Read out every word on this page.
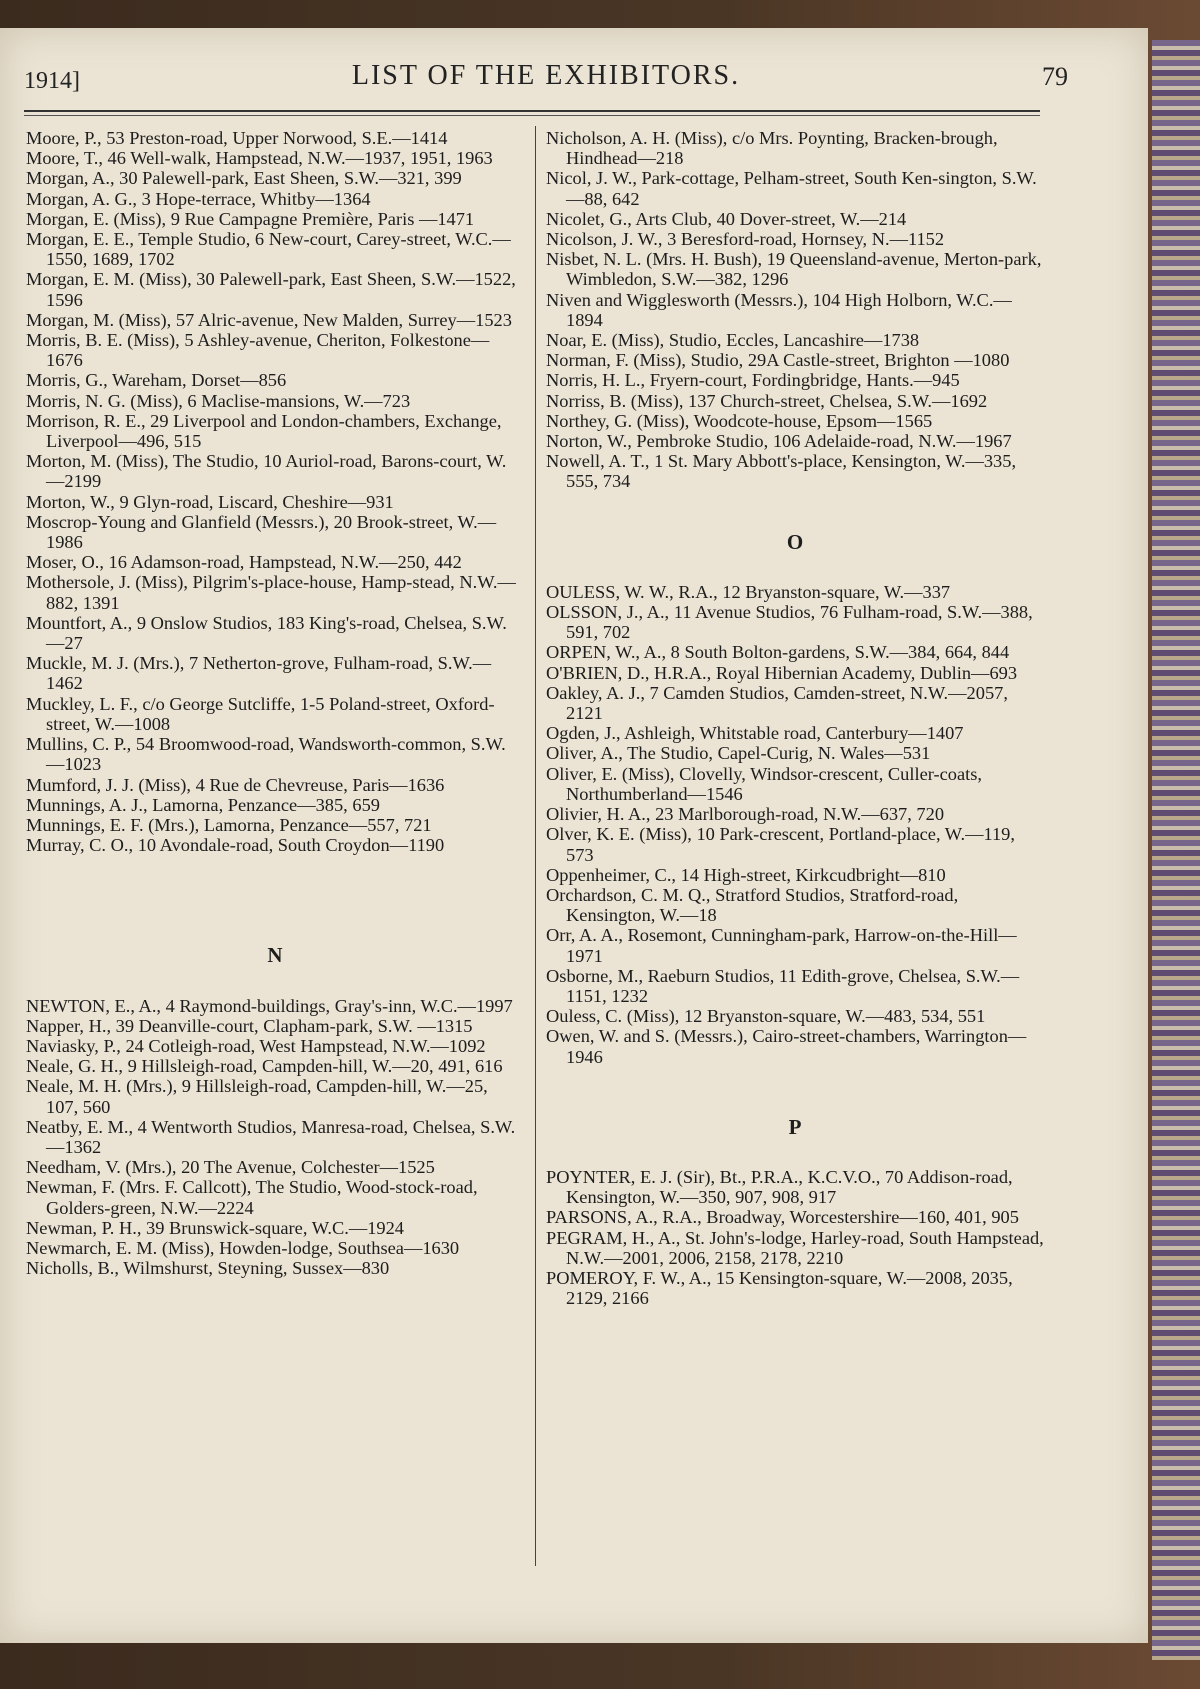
1914]	LIST OF THE EXHIBITORS.	79

Moore, P., 53 Preston-road, Upper Norwood, S.E.—1414

Moore, T., 46 Well-walk, Hampstead, N.W.—1937, 1951, 1963

Morgan, A., 30 Palewell-park, East Sheen, S.W.—321, 399

Morgan, A. G., 3 Hope-terrace, Whitby—1364

Morgan, E. (Miss), 9 Rue Campagne Première, Paris —1471

Morgan, E. E., Temple Studio, 6 New-court, Carey-street, W.C.—1550, 1689, 1702

Morgan, E. M. (Miss), 30 Palewell-park, East Sheen, S.W.—1522, 1596

Morgan, M. (Miss), 57 Alric-avenue, New Malden, Surrey—1523

Morris, B. E. (Miss), 5 Ashley-avenue, Cheriton, Folkestone—1676

Morris, G., Wareham, Dorset—856

Morris, N. G. (Miss), 6 Maclise-mansions, W.—723

Morrison, R. E., 29 Liverpool and London-chambers, Exchange, Liverpool—496, 515

Morton, M. (Miss), The Studio, 10 Auriol-road, Barons-court, W.—2199

Morton, W., 9 Glyn-road, Liscard, Cheshire—931

Moscrop-Young and Glanfield (Messrs.), 20 Brook-street, W.—1986

Moser, O., 16 Adamson-road, Hampstead, N.W.—250, 442

Mothersole, J. (Miss), Pilgrim's-place-house, Hamp-stead, N.W.—882, 1391

Mountfort, A., 9 Onslow Studios, 183 King's-road, Chelsea, S.W.—27

Muckle, M. J. (Mrs.), 7 Netherton-grove, Fulham-road, S.W.—1462

Muckley, L. F., c/o George Sutcliffe, 1-5 Poland-street, Oxford-street, W.—1008

Mullins, C. P., 54 Broomwood-road, Wandsworth-common, S.W.—1023

Mumford, J. J. (Miss), 4 Rue de Chevreuse, Paris—1636

Munnings, A. J., Lamorna, Penzance—385, 659

Munnings, E. F. (Mrs.), Lamorna, Penzance—557, 721

Murray, C. O., 10 Avondale-road, South Croydon—1190

N

NEWTON, E., A., 4 Raymond-buildings, Gray's-inn, W.C.—1997

Napper, H., 39 Deanville-court, Clapham-park, S.W. —1315

Naviasky, P., 24 Cotleigh-road, West Hampstead, N.W.—1092

Neale, G. H., 9 Hillsleigh-road, Campden-hill, W.—20, 491, 616

Neale, M. H. (Mrs.), 9 Hillsleigh-road, Campden-hill, W.—25, 107, 560

Neatby, E. M., 4 Wentworth Studios, Manresa-road, Chelsea, S.W.—1362

Needham, V. (Mrs.), 20 The Avenue, Colchester—1525

Newman, F. (Mrs. F. Callcott), The Studio, Wood-stock-road, Golders-green, N.W.—2224

Newman, P. H., 39 Brunswick-square, W.C.—1924

Newmarch, E. M. (Miss), Howden-lodge, Southsea—1630

Nicholls, B., Wilmshurst, Steyning, Sussex—830

Nicholson, A. H. (Miss), c/o Mrs. Poynting, Bracken-brough, Hindhead—218

Nicol, J. W., Park-cottage, Pelham-street, South Ken-sington, S.W.—88, 642

Nicolet, G., Arts Club, 40 Dover-street, W.—214

Nicolson, J. W., 3 Beresford-road, Hornsey, N.—1152

Nisbet, N. L. (Mrs. H. Bush), 19 Queensland-avenue, Merton-park, Wimbledon, S.W.—382, 1296

Niven and Wigglesworth (Messrs.), 104 High Holborn, W.C.—1894

Noar, E. (Miss), Studio, Eccles, Lancashire—1738

Norman, F. (Miss), Studio, 29A Castle-street, Brighton —1080

Norris, H. L., Fryern-court, Fordingbridge, Hants.—945

Norriss, B. (Miss), 137 Church-street, Chelsea, S.W.—1692

Northey, G. (Miss), Woodcote-house, Epsom—1565

Norton, W., Pembroke Studio, 106 Adelaide-road, N.W.—1967

Nowell, A. T., 1 St. Mary Abbott's-place, Kensington, W.—335, 555, 734

O

OULESS, W. W., R.A., 12 Bryanston-square, W.—337

OLSSON, J., A., 11 Avenue Studios, 76 Fulham-road, S.W.—388, 591, 702

ORPEN, W., A., 8 South Bolton-gardens, S.W.—384, 664, 844

O'BRIEN, D., H.R.A., Royal Hibernian Academy, Dublin—693

Oakley, A. J., 7 Camden Studios, Camden-street, N.W.—2057, 2121

Ogden, J., Ashleigh, Whitstable road, Canterbury—1407

Oliver, A., The Studio, Capel-Curig, N. Wales—531

Oliver, E. (Miss), Clovelly, Windsor-crescent, Culler-coats, Northumberland—1546

Olivier, H. A., 23 Marlborough-road, N.W.—637, 720

Olver, K. E. (Miss), 10 Park-crescent, Portland-place, W.—119, 573

Oppenheimer, C., 14 High-street, Kirkcudbright—810

Orchardson, C. M. Q., Stratford Studios, Stratford-road, Kensington, W.—18

Orr, A. A., Rosemont, Cunningham-park, Harrow-on-the-Hill—1971

Osborne, M., Raeburn Studios, 11 Edith-grove, Chelsea, S.W.—1151, 1232

Ouless, C. (Miss), 12 Bryanston-square, W.—483, 534, 551

Owen, W. and S. (Messrs.), Cairo-street-chambers, Warrington—1946

P

POYNTER, E. J. (Sir), Bt., P.R.A., K.C.V.O., 70 Addison-road, Kensington, W.—350, 907, 908, 917

PARSONS, A., R.A., Broadway, Worcestershire—160, 401, 905

PEGRAM, H., A., St. John's-lodge, Harley-road, South Hampstead, N.W.—2001, 2006, 2158, 2178, 2210

POMEROY, F. W., A., 15 Kensington-square, W.—2008, 2035, 2129, 2166
